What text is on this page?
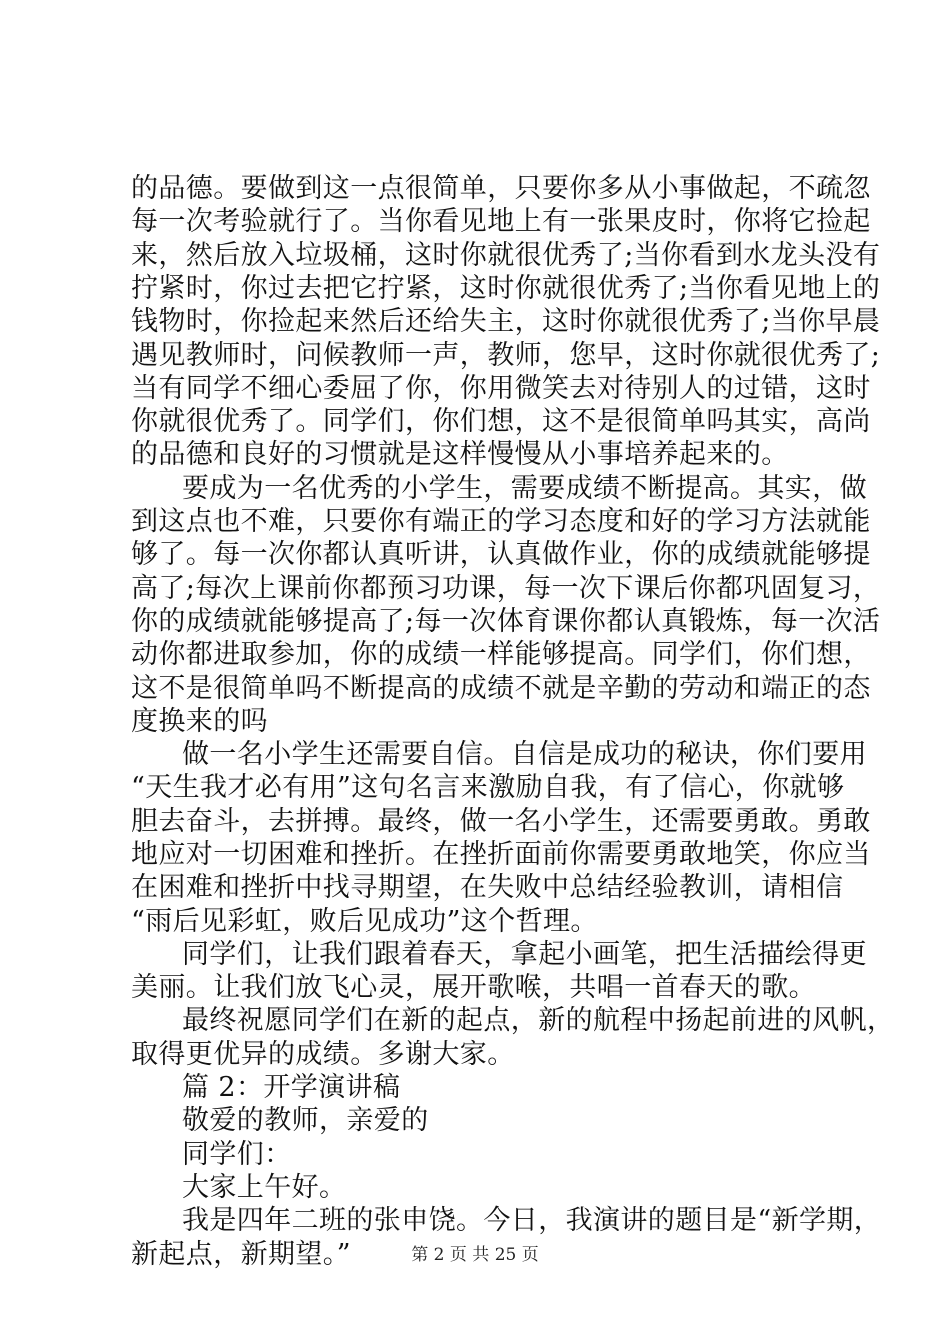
的品德。要做到这一点很简单，只要你多从小事做起，不疏忽
每一次考验就行了。当你看见地上有一张果皮时，你将它捡起
来，然后放入垃圾桶，这时你就很优秀了;当你看到水龙头没有
拧紧时，你过去把它拧紧，这时你就很优秀了;当你看见地上的
钱物时，你捡起来然后还给失主，这时你就很优秀了;当你早晨
遇见教师时，问候教师一声，教师，您早，这时你就很优秀了;
当有同学不细心委屈了你，你用微笑去对待别人的过错，这时
你就很优秀了。同学们，你们想，这不是很简单吗其实，高尚
的品德和良好的习惯就是这样慢慢从小事培养起来的。
要成为一名优秀的小学生，需要成绩不断提高。其实，做
到这点也不难，只要你有端正的学习态度和好的学习方法就能
够了。每一次你都认真听讲，认真做作业，你的成绩就能够提
高了;每次上课前你都预习功课，每一次下课后你都巩固复习，
你的成绩就能够提高了;每一次体育课你都认真锻炼，每一次活
动你都进取参加，你的成绩一样能够提高。同学们，你们想，
这不是很简单吗不断提高的成绩不就是辛勤的劳动和端正的态
度换来的吗
做一名小学生还需要自信。自信是成功的秘诀，你们要用
“天生我才必有用”这句名言来激励自我，有了信心，你就够
胆去奋斗，去拼搏。最终，做一名小学生，还需要勇敢。勇敢
地应对一切困难和挫折。在挫折面前你需要勇敢地笑，你应当
在困难和挫折中找寻期望，在失败中总结经验教训，请相信
“雨后见彩虹，败后见成功”这个哲理。
同学们，让我们跟着春天，拿起小画笔，把生活描绘得更
美丽。让我们放飞心灵，展开歌喉，共唱一首春天的歌。
最终祝愿同学们在新的起点，新的航程中扬起前进的风帆，
取得更优异的成绩。多谢大家。
篇 2：开学演讲稿
敬爱的教师，亲爱的
同学们：
大家上午好。
我是四年二班的张申饶。今日，我演讲的题目是“新学期，
新起点，新期望。”	第 2 页 共 25 页
